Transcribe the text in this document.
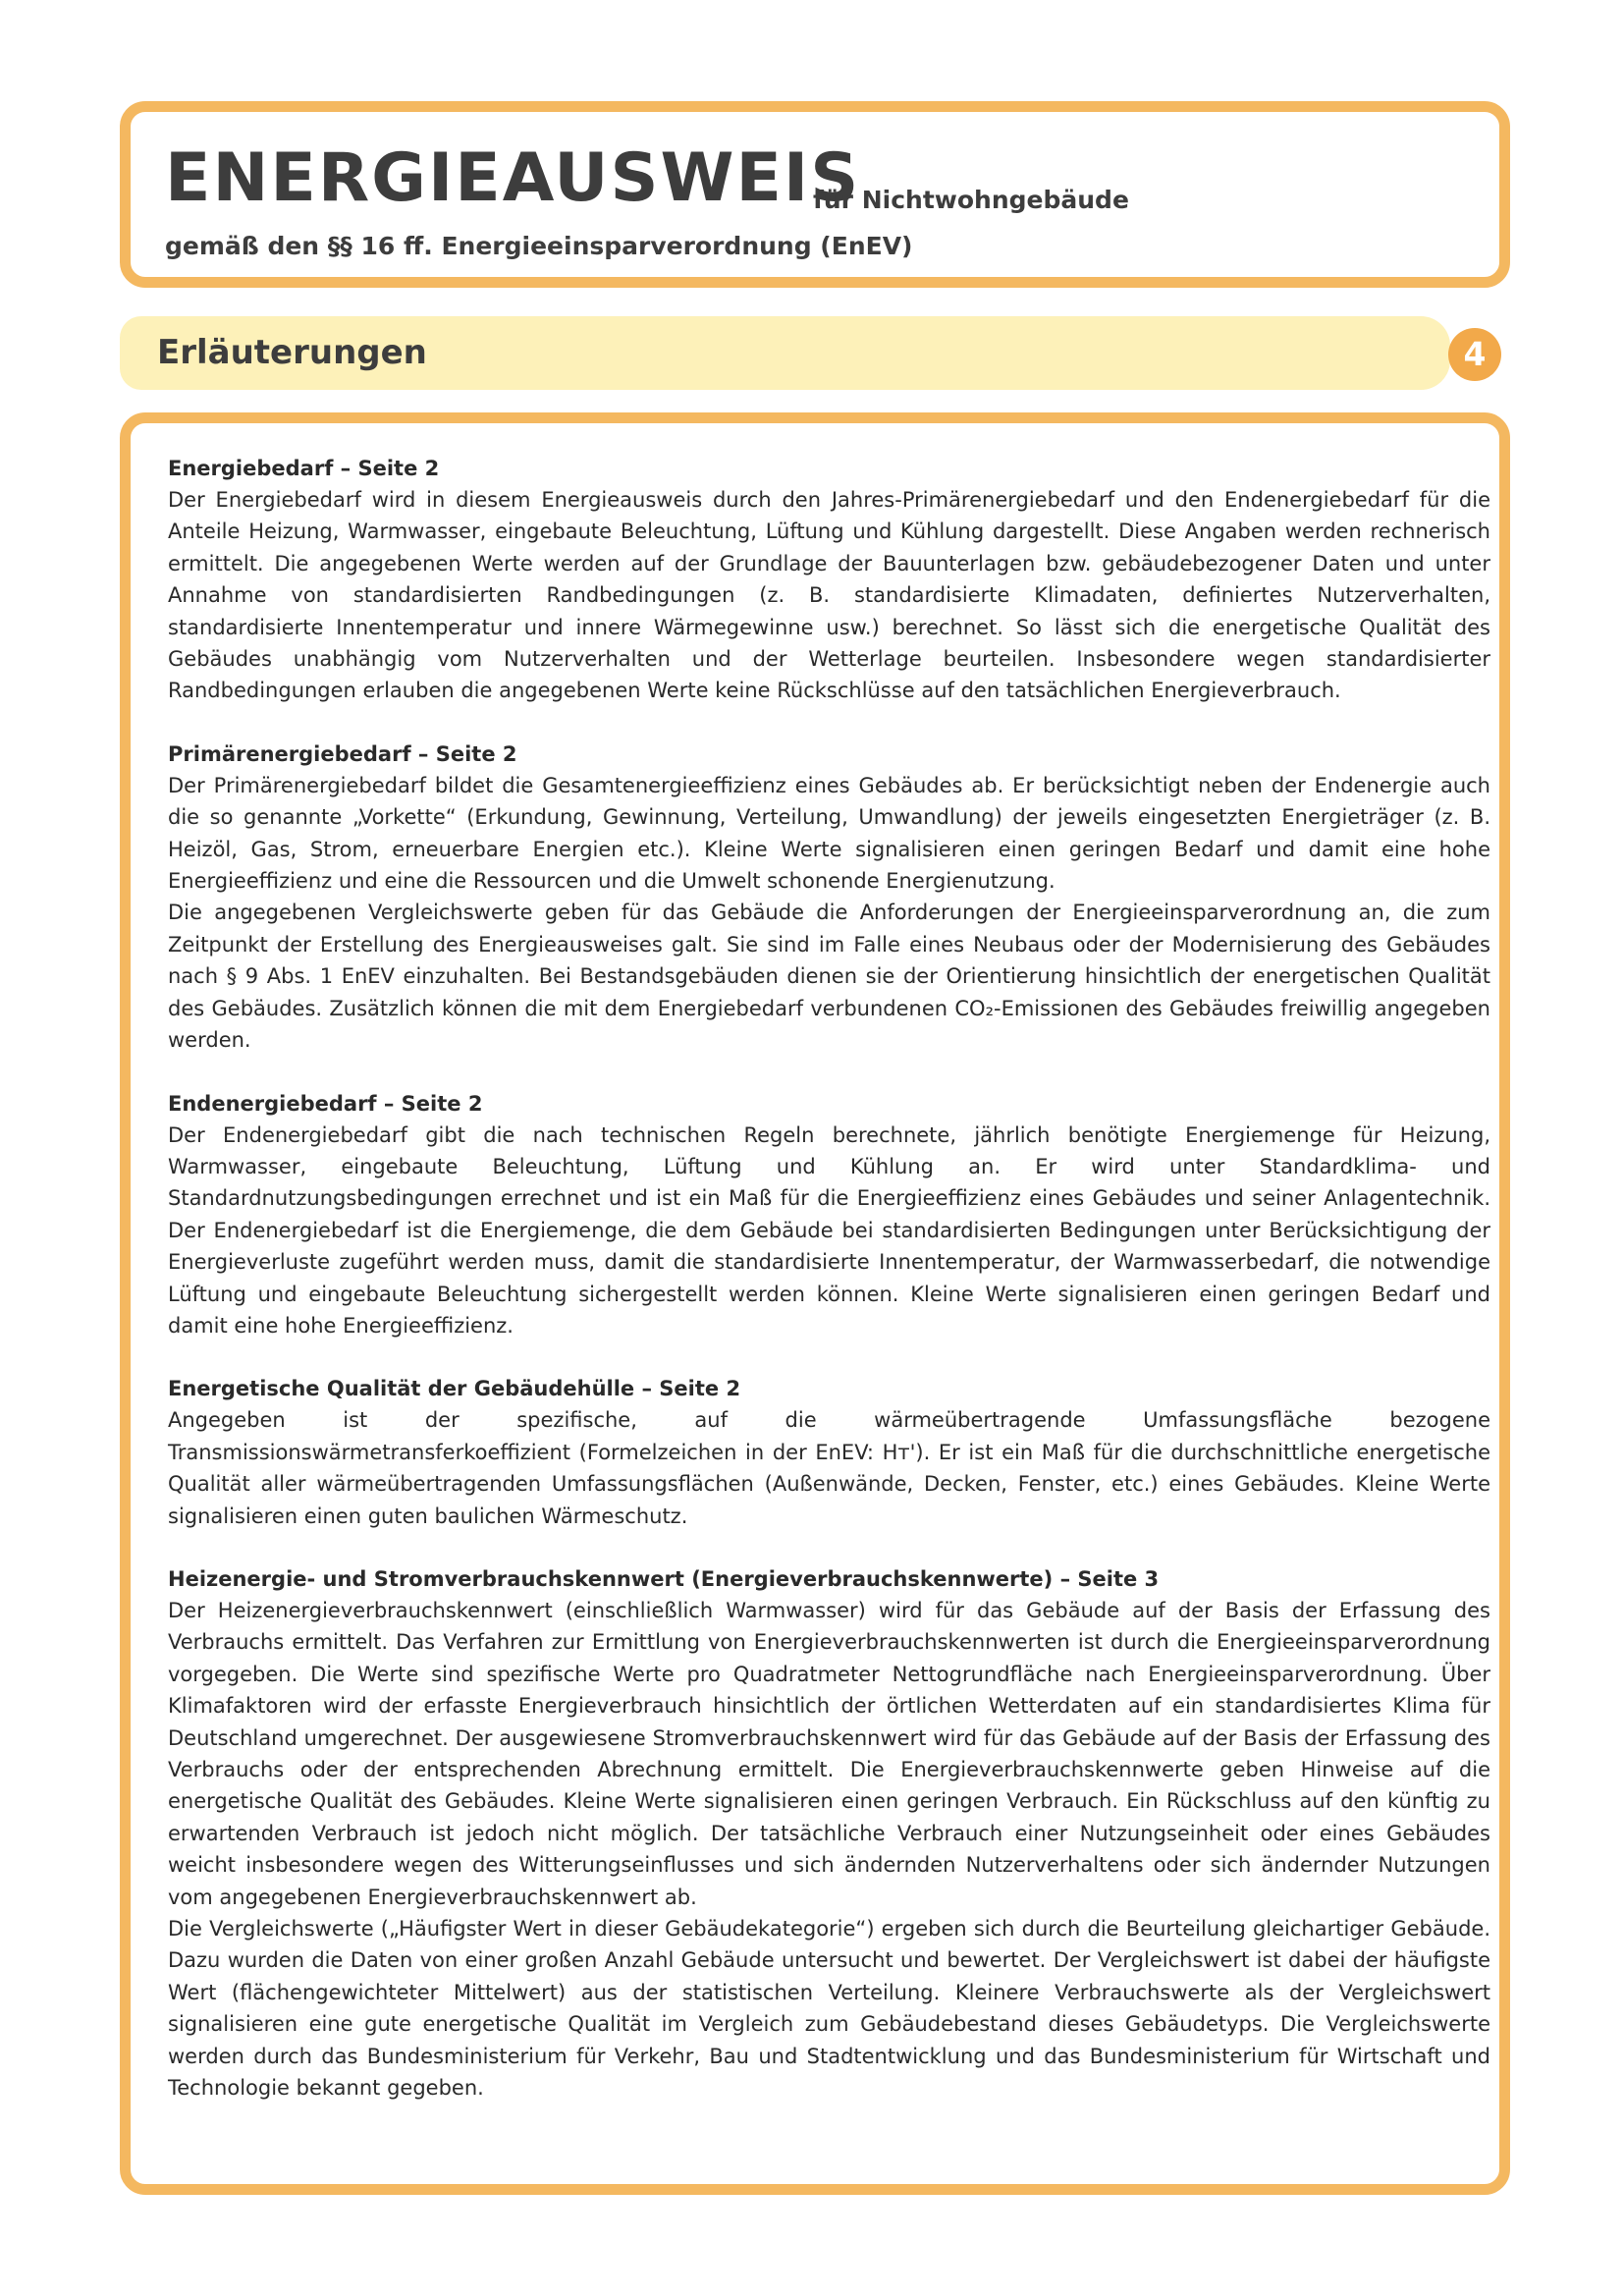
ENERGIEAUSWEIS
für Nichtwohngebäude
gemäß den §§ 16 ff. Energieeinsparverordnung (EnEV)
Erläuterungen	4
Energiebedarf – Seite 2

Der Energiebedarf wird in diesem Energieausweis durch den Jahres-Primärenergiebedarf und den Endenergiebedarf für die Anteile Heizung, Warmwasser, eingebaute Beleuchtung, Lüftung und Kühlung dargestellt. Diese Angaben werden rechnerisch ermittelt. Die angegebenen Werte werden auf der Grundlage der Bauunterlagen bzw. gebäudebezogener Daten und unter Annahme von standardisierten Randbedingungen (z. B. standardisierte Klimadaten, definiertes Nutzerverhalten, standardisierte Innentemperatur und innere Wärmegewinne usw.) berechnet. So lässt sich die energetische Qualität des Gebäudes unabhängig vom Nutzerverhalten und der Wetterlage beurteilen. Insbesondere wegen standardisierter Randbedingungen erlauben die angegebenen Werte keine Rückschlüsse auf den tatsächlichen Energieverbrauch.

Primärenergiebedarf – Seite 2

Der Primärenergiebedarf bildet die Gesamtenergieeffizienz eines Gebäudes ab. Er berücksichtigt neben der Endenergie auch die so genannte „Vorkette“ (Erkundung, Gewinnung, Verteilung, Umwandlung) der jeweils eingesetzten Energieträger (z. B. Heizöl, Gas, Strom, erneuerbare Energien etc.). Kleine Werte signalisieren einen geringen Bedarf und damit eine hohe Energieeffizienz und eine die Ressourcen und die Umwelt schonende Energienutzung.

Die angegebenen Vergleichswerte geben für das Gebäude die Anforderungen der Energieeinsparverordnung an, die zum Zeitpunkt der Erstellung des Energieausweises galt. Sie sind im Falle eines Neubaus oder der Modernisierung des Gebäudes nach § 9 Abs. 1 EnEV einzuhalten. Bei Bestandsgebäuden dienen sie der Orientierung hinsichtlich der energetischen Qualität des Gebäudes. Zusätzlich können die mit dem Energiebedarf verbundenen CO₂-Emissionen des Gebäudes freiwillig angegeben werden.

Endenergiebedarf – Seite 2

Der Endenergiebedarf gibt die nach technischen Regeln berechnete, jährlich benötigte Energiemenge für Heizung, Warmwasser, eingebaute Beleuchtung, Lüftung und Kühlung an. Er wird unter Standardklima- und Standardnutzungsbedingungen errechnet und ist ein Maß für die Energieeffizienz eines Gebäudes und seiner Anlagentechnik. Der Endenergiebedarf ist die Energiemenge, die dem Gebäude bei standardisierten Bedingungen unter Berücksichtigung der Energieverluste zugeführt werden muss, damit die standardisierte Innentemperatur, der Warmwasserbedarf, die notwendige Lüftung und eingebaute Beleuchtung sichergestellt werden können. Kleine Werte signalisieren einen geringen Bedarf und damit eine hohe Energieeffizienz.

Energetische Qualität der Gebäudehülle – Seite 2

Angegeben ist der spezifische, auf die wärmeübertragende Umfassungsfläche bezogene Transmissionswärmetransferkoeffizient (Formelzeichen in der EnEV: Hᴛ'). Er ist ein Maß für die durchschnittliche energetische Qualität aller wärmeübertragenden Umfassungsflächen (Außenwände, Decken, Fenster, etc.) eines Gebäudes. Kleine Werte signalisieren einen guten baulichen Wärmeschutz.

Heizenergie- und Stromverbrauchskennwert (Energieverbrauchskennwerte) – Seite 3

Der Heizenergieverbrauchskennwert (einschließlich Warmwasser) wird für das Gebäude auf der Basis der Erfassung des Verbrauchs ermittelt. Das Verfahren zur Ermittlung von Energieverbrauchskennwerten ist durch die Energieeinsparverordnung vorgegeben. Die Werte sind spezifische Werte pro Quadratmeter Nettogrundfläche nach Energieeinsparverordnung. Über Klimafaktoren wird der erfasste Energieverbrauch hinsichtlich der örtlichen Wetterdaten auf ein standardisiertes Klima für Deutschland umgerechnet. Der ausgewiesene Stromverbrauchskennwert wird für das Gebäude auf der Basis der Erfassung des Verbrauchs oder der entsprechenden Abrechnung ermittelt. Die Energieverbrauchskennwerte geben Hinweise auf die energetische Qualität des Gebäudes. Kleine Werte signalisieren einen geringen Verbrauch. Ein Rückschluss auf den künftig zu erwartenden Verbrauch ist jedoch nicht möglich. Der tatsächliche Verbrauch einer Nutzungseinheit oder eines Gebäudes weicht insbesondere wegen des Witterungseinflusses und sich ändernden Nutzerverhaltens oder sich ändernder Nutzungen vom angegebenen Energieverbrauchskennwert ab.

Die Vergleichswerte („Häufigster Wert in dieser Gebäudekategorie“) ergeben sich durch die Beurteilung gleichartiger Gebäude. Dazu wurden die Daten von einer großen Anzahl Gebäude untersucht und bewertet. Der Vergleichswert ist dabei der häufigste Wert (flächengewichteter Mittelwert) aus der statistischen Verteilung. Kleinere Verbrauchswerte als der Vergleichswert signalisieren eine gute energetische Qualität im Vergleich zum Gebäudebestand dieses Gebäudetyps. Die Vergleichswerte werden durch das Bundesministerium für Verkehr, Bau und Stadtentwicklung und das Bundesministerium für Wirtschaft und Technologie bekannt gegeben.
